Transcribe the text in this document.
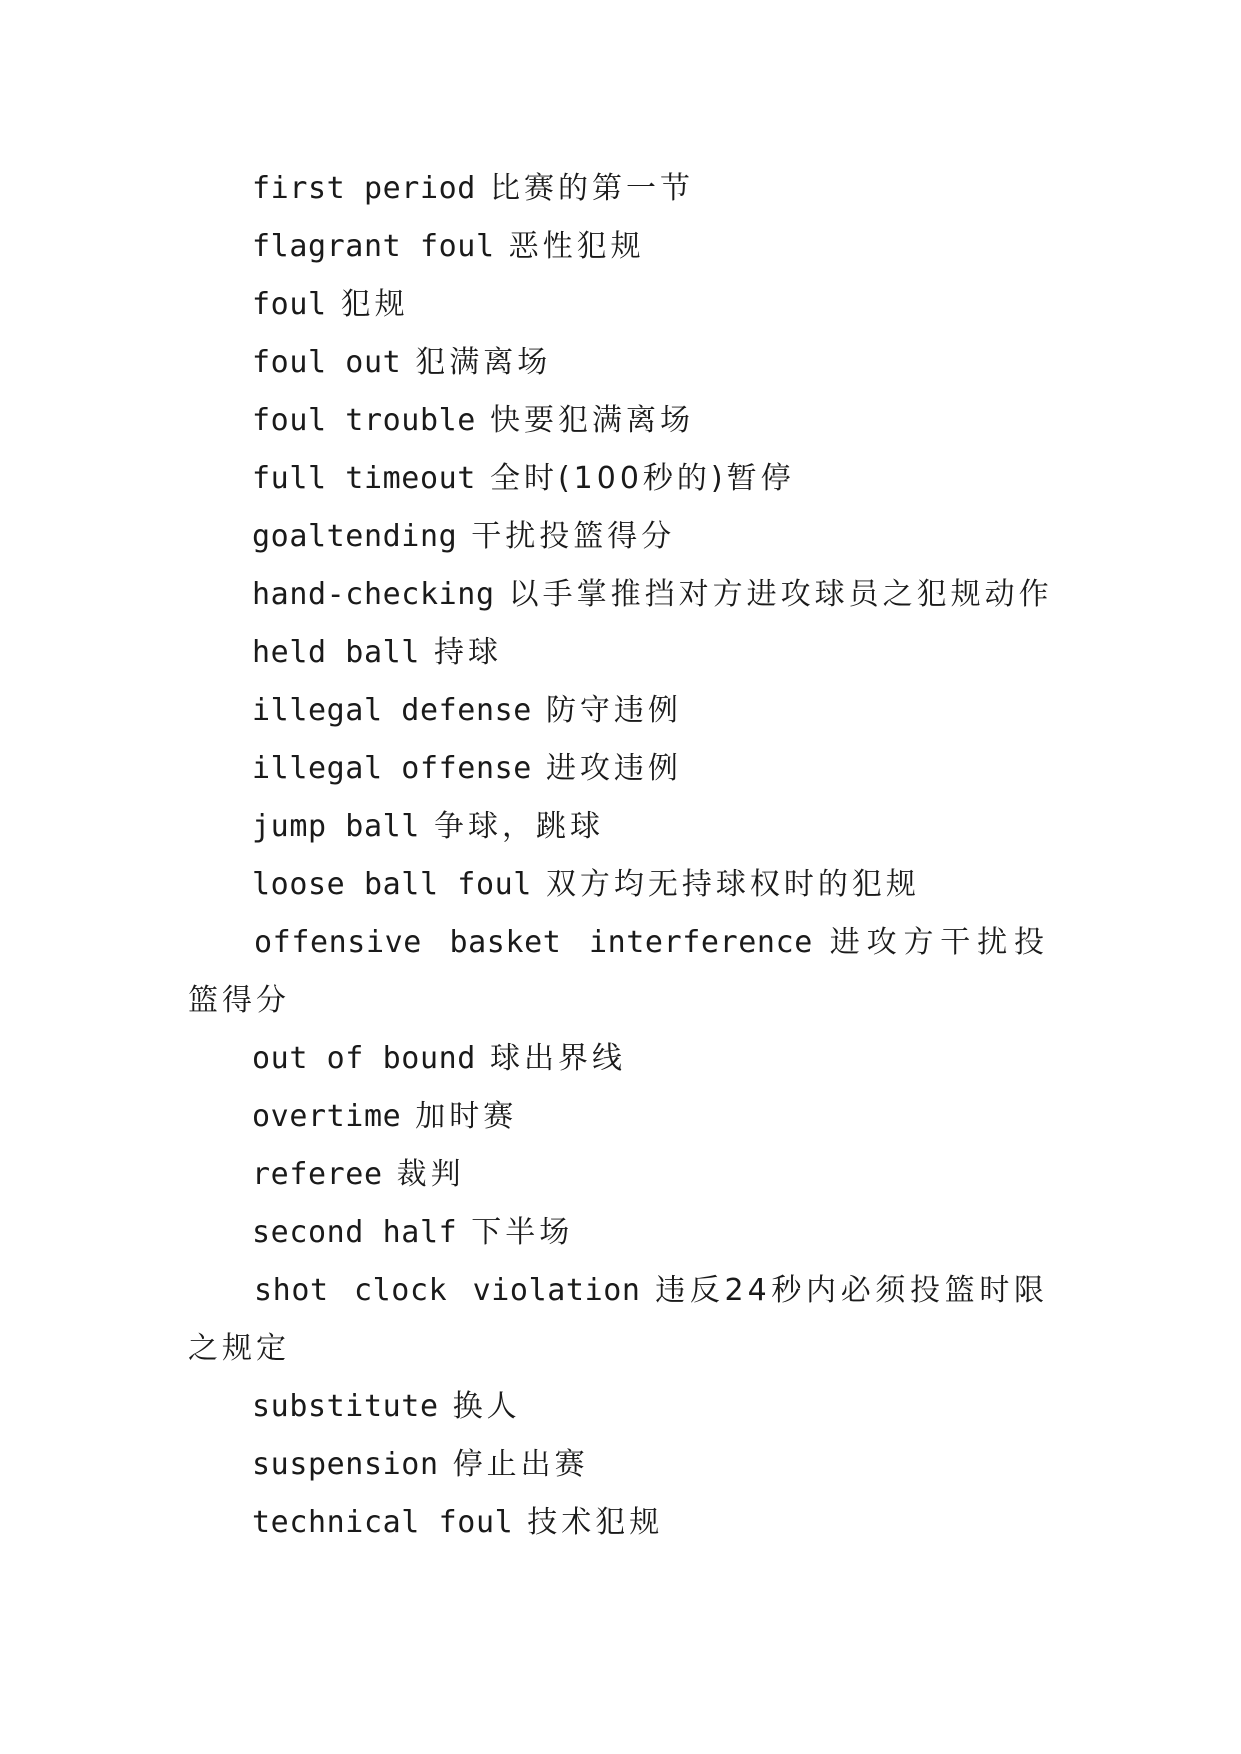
first period 比赛的第一节
flagrant foul 恶性犯规
foul 犯规
foul out 犯满离场
foul trouble 快要犯满离场
full timeout 全时(100秒的)暂停
goaltending 干扰投篮得分
hand-checking 以手掌推挡对方进攻球员之犯规动作
held ball 持球
illegal defense 防守违例
illegal offense 进攻违例
jump ball 争球，跳球
loose ball foul 双方均无持球权时的犯规
offensive basket interference 进攻方干扰投篮得分
out of bound 球出界线
overtime 加时赛
referee 裁判
second half 下半场
shot clock violation 违反24秒内必须投篮时限之规定
substitute 换人
suspension 停止出赛
technical foul 技术犯规
